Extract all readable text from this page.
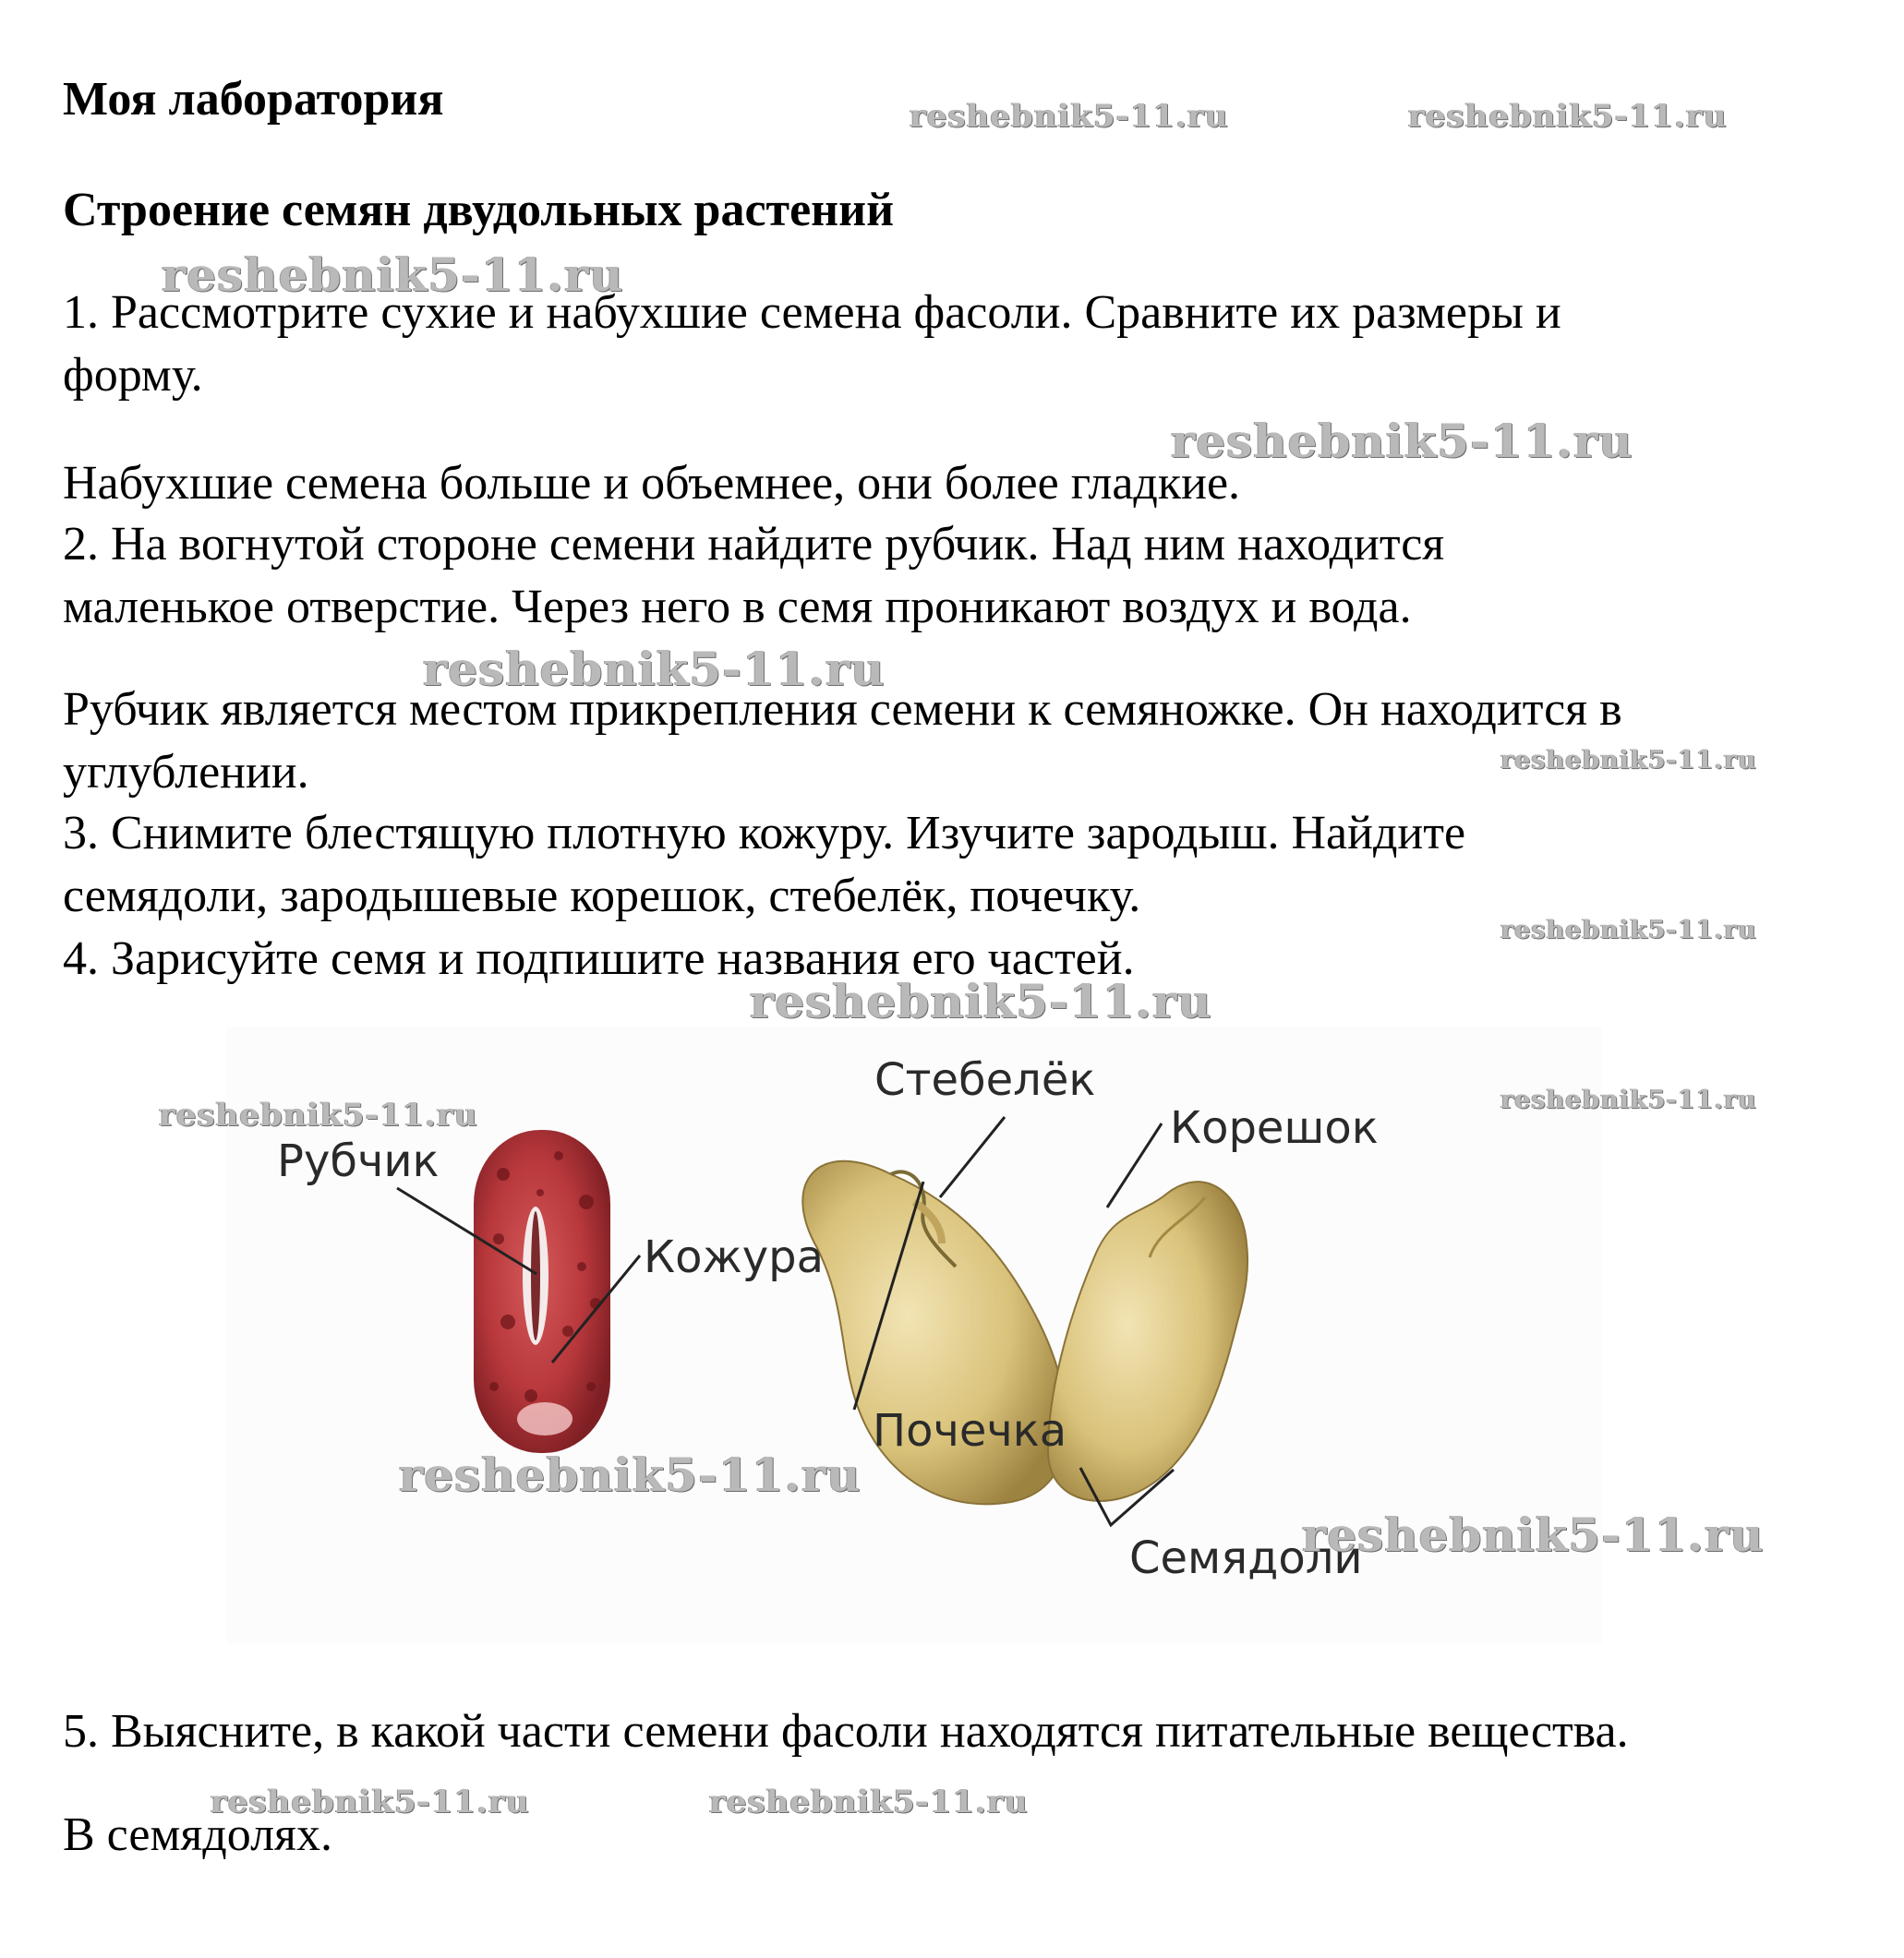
Моя лаборатория
Строение семян двудольных растений
1. Рассмотрите сухие и набухшие семена фасоли. Сравните их размеры и
форму.
Набухшие семена больше и объемнее, они более гладкие.
2. На вогнутой стороне семени найдите рубчик. Над ним находится
маленькое отверстие. Через него в семя проникают воздух и вода.
Рубчик является местом прикрепления семени к семяножке. Он находится в
углублении.
3. Снимите блестящую плотную кожуру. Изучите зародыш. Найдите
семядоли, зародышевые корешок, стебелёк, почечку.
4. Зарисуйте семя и подпишите названия его частей.
5. Выясните, в какой части семени фасоли находятся питательные вещества.
В семядолях.
Рубчик
Кожура
Стебелёк
Корешок
Почечка
Семядоли
reshebnik5-11.ru	reshebnik5-11.ru
reshebnik5-11.ru
reshebnik5-11.ru
reshebnik5-11.ru
reshebnik5-11.ru
reshebnik5-11.ru
reshebnik5-11.ru
reshebnik5-11.ru	reshebnik5-11.ru
reshebnik5-11.ru
reshebnik5-11.ru
reshebnik5-11.ru	reshebnik5-11.ru
